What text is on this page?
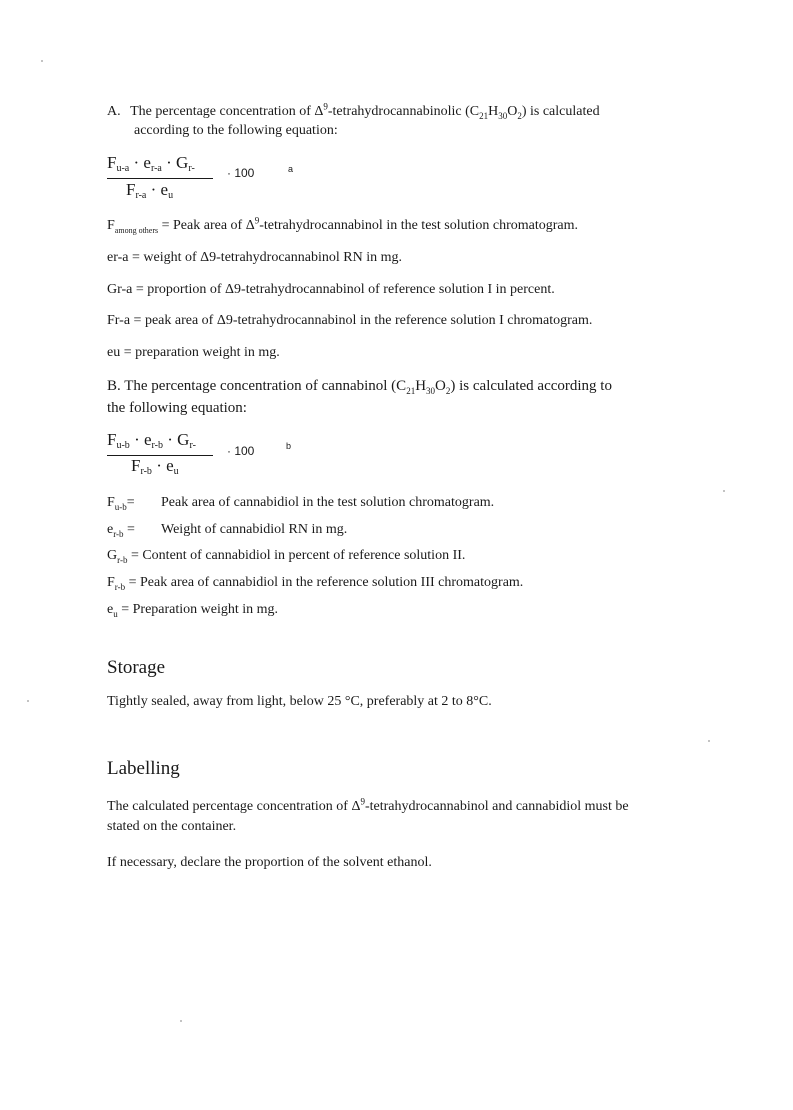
A. The percentage concentration of $\Delta^9$-tetrahydrocannabinolic $(C_{21}H_{30}O_2)$ is calculated
according to the following equation:
Fu-a · er-a · Gr-
Fr-a · eu
· 100	a
$F_{among others}$ = Peak area of $\Delta^9$-tetrahydrocannabinol in the test solution chromatogram.
er-a = weight of Δ9-tetrahydrocannabinol RN in mg.
Gr-a = proportion of Δ9-tetrahydrocannabinol of reference solution I in percent.
Fr-a = peak area of Δ9-tetrahydrocannabinol in the reference solution I chromatogram.
eu = preparation weight in mg.
B. The percentage concentration of cannabinol $(C_{21}H_{30}O_2)$ is calculated according to
the following equation:
Fu-b · er-b · Gr-
Fr-b · eu
· 100	b
$F_{u-b}=$ Peak area of cannabidiol in the test solution chromatogram.
$e_{r-b}$ = Weight of cannabidiol RN in mg.
$G_{r-b}$ = Content of cannabidiol in percent of reference solution II.
$F_{r-b}$ = Peak area of cannabidiol in the reference solution III chromatogram.
$e_u$ = Preparation weight in mg.
Storage
Tightly sealed, away from light, below 25 °C, preferably at 2 to 8°C.
Labelling
The calculated percentage concentration of $\Delta^9$-tetrahydrocannabinol and cannabidiol must be
stated on the container.
If necessary, declare the proportion of the solvent ethanol.
